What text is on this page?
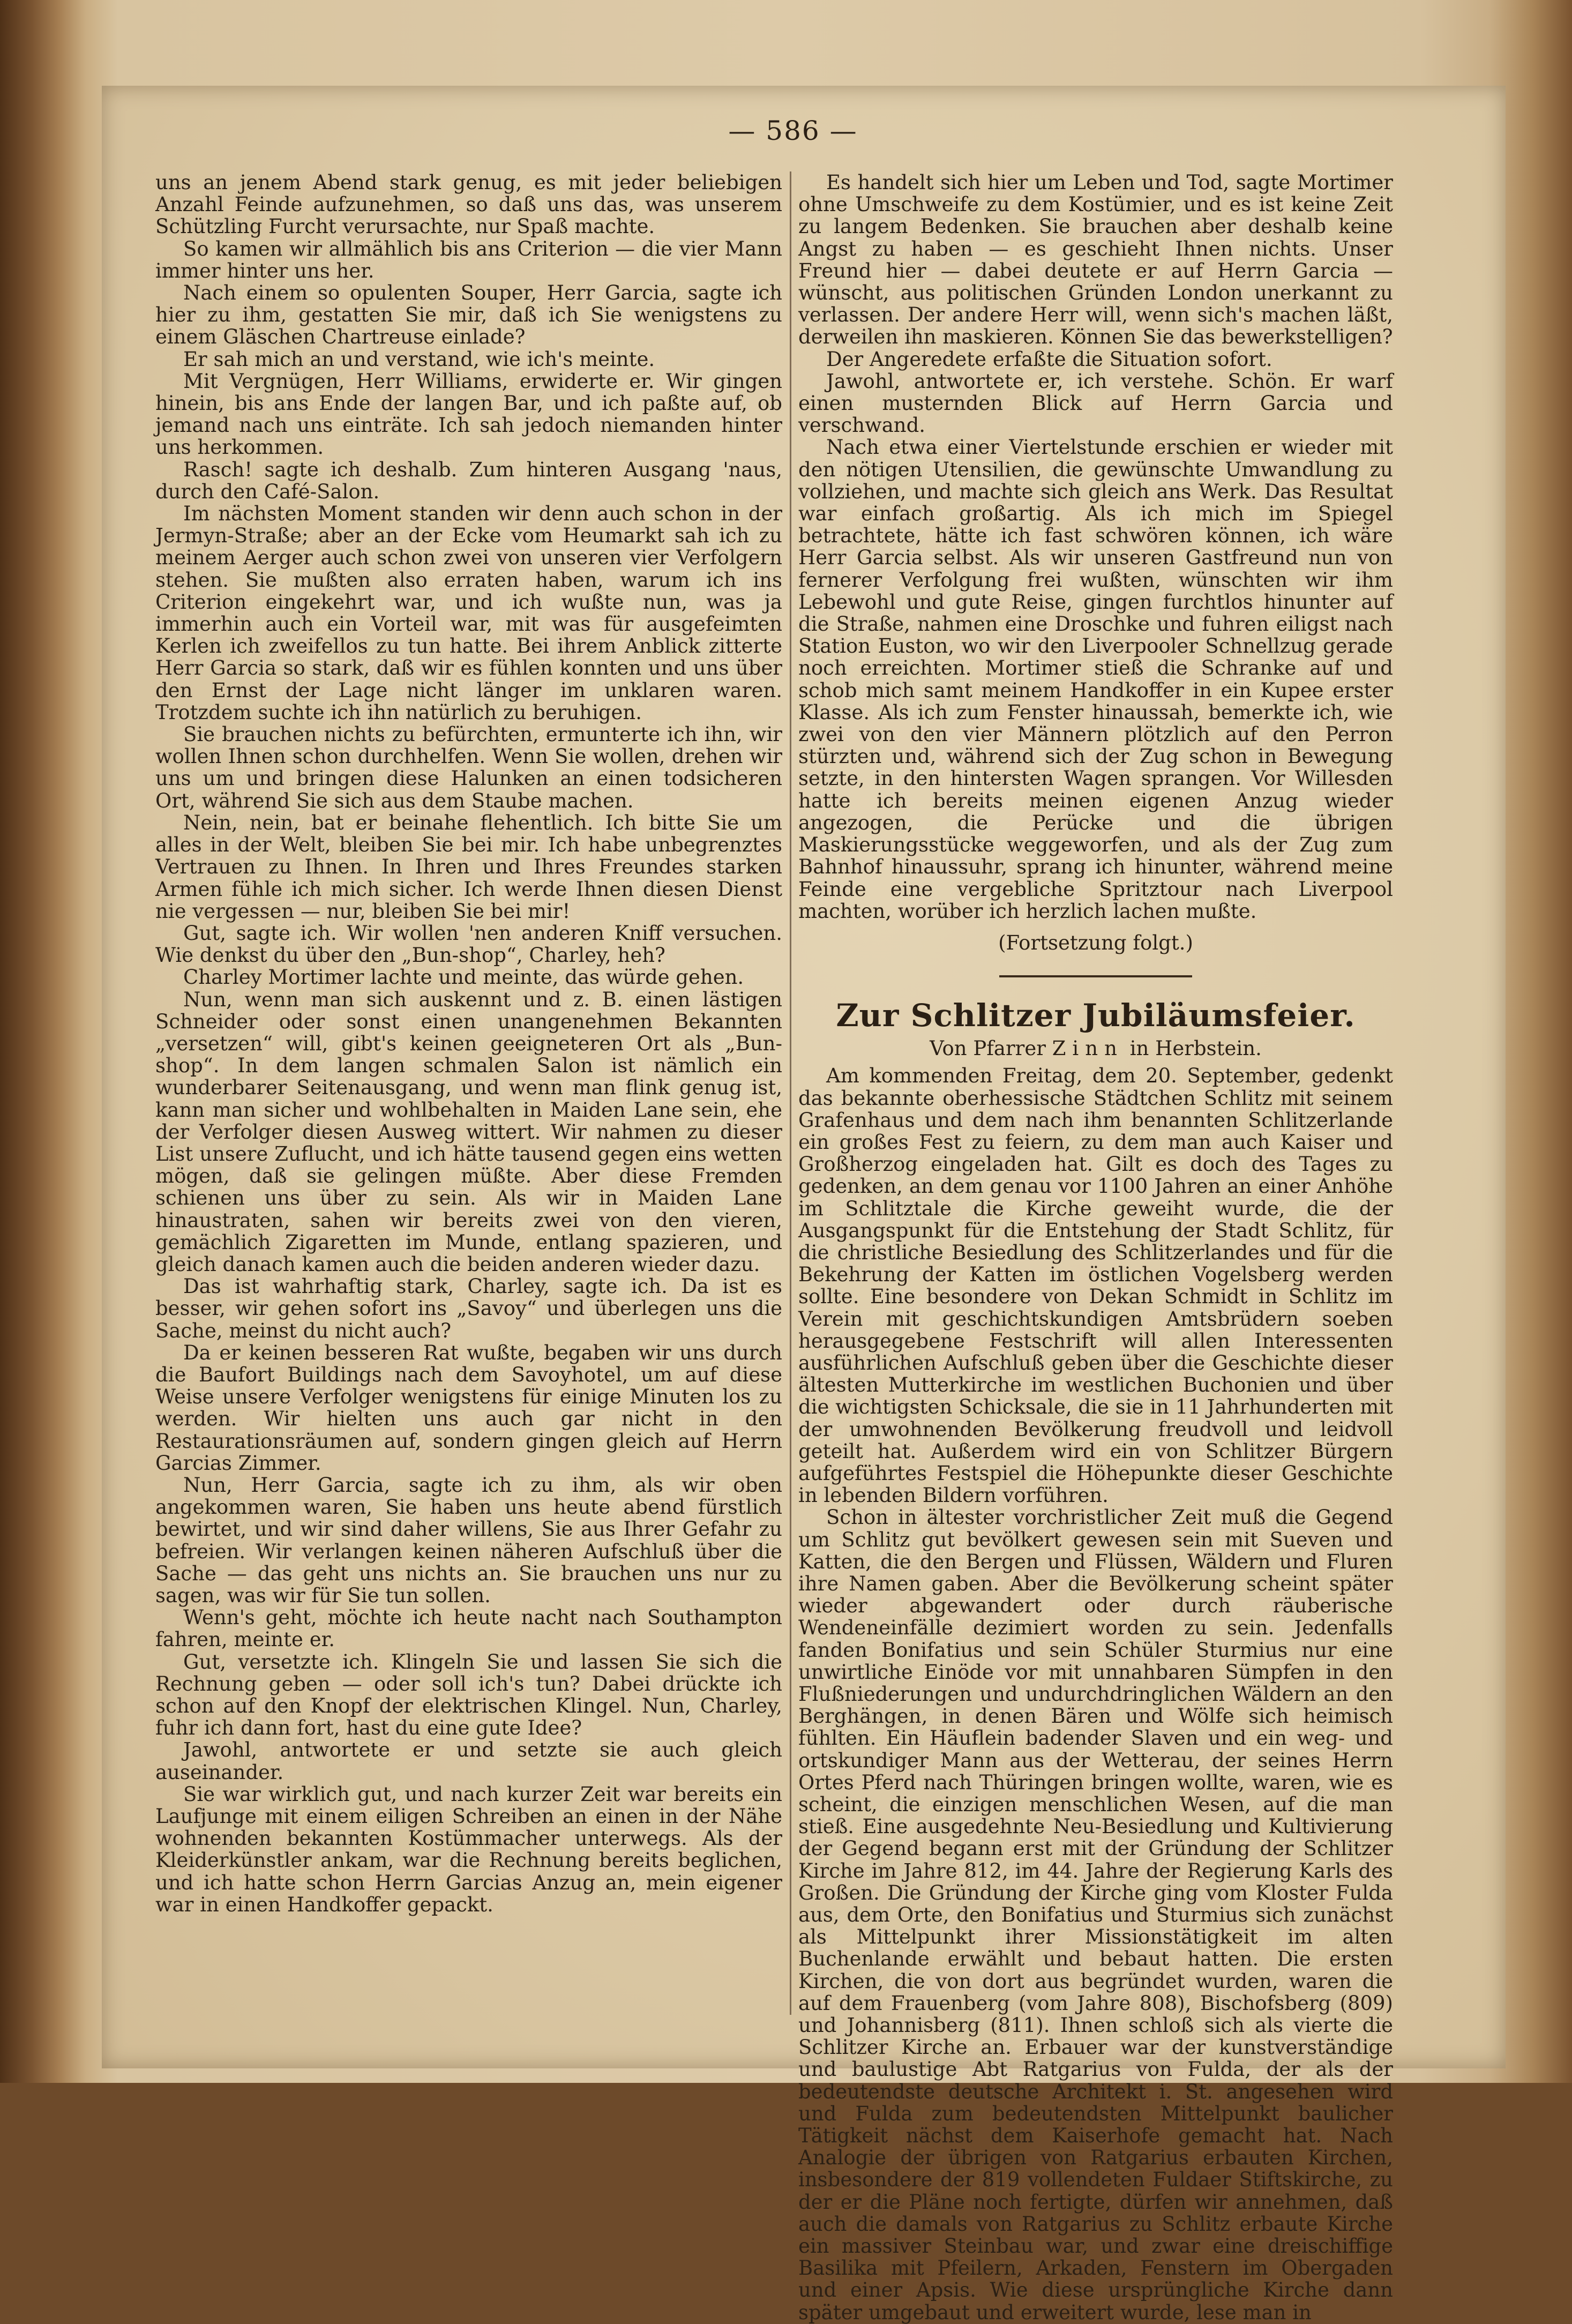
— 586 —

uns an jenem Abend stark genug, es mit jeder beliebigen Anzahl Feinde aufzunehmen, so daß uns das, was unserem Schützling Furcht verursachte, nur Spaß machte.

So kamen wir allmählich bis ans Criterion — die vier Mann immer hinter uns her.

Nach einem so opulenten Souper, Herr Garcia, sagte ich hier zu ihm, gestatten Sie mir, daß ich Sie wenigstens zu einem Gläschen Chartreuse einlade?

Er sah mich an und verstand, wie ich's meinte.

Mit Vergnügen, Herr Williams, erwiderte er. Wir gingen hinein, bis ans Ende der langen Bar, und ich paßte auf, ob jemand nach uns einträte. Ich sah jedoch niemanden hinter uns herkommen.

Rasch! sagte ich deshalb. Zum hinteren Ausgang 'naus, durch den Café-Salon.

Im nächsten Moment standen wir denn auch schon in der Jermyn-Straße; aber an der Ecke vom Heumarkt sah ich zu meinem Aerger auch schon zwei von unseren vier Verfolgern stehen. Sie mußten also erraten haben, warum ich ins Criterion eingekehrt war, und ich wußte nun, was ja immerhin auch ein Vorteil war, mit was für ausgefeimten Kerlen ich zweifellos zu tun hatte. Bei ihrem Anblick zitterte Herr Garcia so stark, daß wir es fühlen konnten und uns über den Ernst der Lage nicht länger im unklaren waren. Trotzdem suchte ich ihn natürlich zu beruhigen.

Sie brauchen nichts zu befürchten, ermunterte ich ihn, wir wollen Ihnen schon durchhelfen. Wenn Sie wollen, drehen wir uns um und bringen diese Halunken an einen todsicheren Ort, während Sie sich aus dem Staube machen.

Nein, nein, bat er beinahe flehentlich. Ich bitte Sie um alles in der Welt, bleiben Sie bei mir. Ich habe unbegrenztes Vertrauen zu Ihnen. In Ihren und Ihres Freundes starken Armen fühle ich mich sicher. Ich werde Ihnen diesen Dienst nie vergessen — nur, bleiben Sie bei mir!

Gut, sagte ich. Wir wollen 'nen anderen Kniff versuchen. Wie denkst du über den „Bun-shop“, Charley, heh?

Charley Mortimer lachte und meinte, das würde gehen.

Nun, wenn man sich auskennt und z. B. einen lästigen Schneider oder sonst einen unangenehmen Bekannten „versetzen“ will, gibt's keinen geeigneteren Ort als „Bun-shop“. In dem langen schmalen Salon ist nämlich ein wunderbarer Seitenausgang, und wenn man flink genug ist, kann man sicher und wohlbehalten in Maiden Lane sein, ehe der Verfolger diesen Ausweg wittert. Wir nahmen zu dieser List unsere Zuflucht, und ich hätte tausend gegen eins wetten mögen, daß sie gelingen müßte. Aber diese Fremden schienen uns über zu sein. Als wir in Maiden Lane hinaustraten, sahen wir bereits zwei von den vieren, gemächlich Zigaretten im Munde, entlang spazieren, und gleich danach kamen auch die beiden anderen wieder dazu.

Das ist wahrhaftig stark, Charley, sagte ich. Da ist es besser, wir gehen sofort ins „Savoy“ und überlegen uns die Sache, meinst du nicht auch?

Da er keinen besseren Rat wußte, begaben wir uns durch die Baufort Buildings nach dem Savoyhotel, um auf diese Weise unsere Verfolger wenigstens für einige Minuten los zu werden. Wir hielten uns auch gar nicht in den Restaurationsräumen auf, sondern gingen gleich auf Herrn Garcias Zimmer.

Nun, Herr Garcia, sagte ich zu ihm, als wir oben angekommen waren, Sie haben uns heute abend fürstlich bewirtet, und wir sind daher willens, Sie aus Ihrer Gefahr zu befreien. Wir verlangen keinen näheren Aufschluß über die Sache — das geht uns nichts an. Sie brauchen uns nur zu sagen, was wir für Sie tun sollen.

Wenn's geht, möchte ich heute nacht nach Southampton fahren, meinte er.

Gut, versetzte ich. Klingeln Sie und lassen Sie sich die Rechnung geben — oder soll ich's tun? Dabei drückte ich schon auf den Knopf der elektrischen Klingel. Nun, Charley, fuhr ich dann fort, hast du eine gute Idee?

Jawohl, antwortete er und setzte sie auch gleich auseinander.

Sie war wirklich gut, und nach kurzer Zeit war bereits ein Laufjunge mit einem eiligen Schreiben an einen in der Nähe wohnenden bekannten Kostümmacher unterwegs. Als der Kleiderkünstler ankam, war die Rechnung bereits beglichen, und ich hatte schon Herrn Garcias Anzug an, mein eigener war in einen Handkoffer gepackt.

Es handelt sich hier um Leben und Tod, sagte Mortimer ohne Umschweife zu dem Kostümier, und es ist keine Zeit zu langem Bedenken. Sie brauchen aber deshalb keine Angst zu haben — es geschieht Ihnen nichts. Unser Freund hier — dabei deutete er auf Herrn Garcia — wünscht, aus politischen Gründen London unerkannt zu verlassen. Der andere Herr will, wenn sich's machen läßt, derweilen ihn maskieren. Können Sie das bewerkstelligen?

Der Angeredete erfaßte die Situation sofort.

Jawohl, antwortete er, ich verstehe. Schön. Er warf einen musternden Blick auf Herrn Garcia und verschwand.

Nach etwa einer Viertelstunde erschien er wieder mit den nötigen Utensilien, die gewünschte Umwandlung zu vollziehen, und machte sich gleich ans Werk. Das Resultat war einfach großartig. Als ich mich im Spiegel betrachtete, hätte ich fast schwören können, ich wäre Herr Garcia selbst. Als wir unseren Gastfreund nun von fernerer Verfolgung frei wußten, wünschten wir ihm Lebewohl und gute Reise, gingen furchtlos hinunter auf die Straße, nahmen eine Droschke und fuhren eiligst nach Station Euston, wo wir den Liverpooler Schnellzug gerade noch erreichten. Mortimer stieß die Schranke auf und schob mich samt meinem Handkoffer in ein Kupee erster Klasse. Als ich zum Fenster hinaussah, bemerkte ich, wie zwei von den vier Männern plötzlich auf den Perron stürzten und, während sich der Zug schon in Bewegung setzte, in den hintersten Wagen sprangen. Vor Willesden hatte ich bereits meinen eigenen Anzug wieder angezogen, die Perücke und die übrigen Maskierungsstücke weggeworfen, und als der Zug zum Bahnhof hinaussuhr, sprang ich hinunter, während meine Feinde eine vergebliche Spritztour nach Liverpool machten, worüber ich herzlich lachen mußte.

(Fortsetzung folgt.)

Zur Schlitzer Jubiläumsfeier.

Von Pfarrer Zinn in Herbstein.

Am kommenden Freitag, dem 20. September, gedenkt das bekannte oberhessische Städtchen Schlitz mit seinem Grafenhaus und dem nach ihm benannten Schlitzerlande ein großes Fest zu feiern, zu dem man auch Kaiser und Großherzog eingeladen hat. Gilt es doch des Tages zu gedenken, an dem genau vor 1100 Jahren an einer Anhöhe im Schlitztale die Kirche geweiht wurde, die der Ausgangspunkt für die Entstehung der Stadt Schlitz, für die christliche Besiedlung des Schlitzerlandes und für die Bekehrung der Katten im östlichen Vogelsberg werden sollte. Eine besondere von Dekan Schmidt in Schlitz im Verein mit geschichtskundigen Amtsbrüdern soeben herausgegebene Festschrift will allen Interessenten ausführlichen Aufschluß geben über die Geschichte dieser ältesten Mutterkirche im westlichen Buchonien und über die wichtigsten Schicksale, die sie in 11 Jahrhunderten mit der umwohnenden Bevölkerung freudvoll und leidvoll geteilt hat. Außerdem wird ein von Schlitzer Bürgern aufgeführtes Festspiel die Höhepunkte dieser Geschichte in lebenden Bildern vorführen.

Schon in ältester vorchristlicher Zeit muß die Gegend um Schlitz gut bevölkert gewesen sein mit Sueven und Katten, die den Bergen und Flüssen, Wäldern und Fluren ihre Namen gaben. Aber die Bevölkerung scheint später wieder abgewandert oder durch räuberische Wendeneinfälle dezimiert worden zu sein. Jedenfalls fanden Bonifatius und sein Schüler Sturmius nur eine unwirtliche Einöde vor mit unnahbaren Sümpfen in den Flußniederungen und undurchdringlichen Wäldern an den Berghängen, in denen Bären und Wölfe sich heimisch fühlten. Ein Häuflein badender Slaven und ein weg- und ortskundiger Mann aus der Wetterau, der seines Herrn Ortes Pferd nach Thüringen bringen wollte, waren, wie es scheint, die einzigen menschlichen Wesen, auf die man stieß. Eine ausgedehnte Neu-Besiedlung und Kultivierung der Gegend begann erst mit der Gründung der Schlitzer Kirche im Jahre 812, im 44. Jahre der Regierung Karls des Großen. Die Gründung der Kirche ging vom Kloster Fulda aus, dem Orte, den Bonifatius und Sturmius sich zunächst als Mittelpunkt ihrer Missionstätigkeit im alten Buchenlande erwählt und bebaut hatten. Die ersten Kirchen, die von dort aus begründet wurden, waren die auf dem Frauenberg (vom Jahre 808), Bischofsberg (809) und Johannisberg (811). Ihnen schloß sich als vierte die Schlitzer Kirche an. Erbauer war der kunstverständige und baulustige Abt Ratgarius von Fulda, der als der bedeutendste deutsche Architekt i. St. angesehen wird und Fulda zum bedeutendsten Mittelpunkt baulicher Tätigkeit nächst dem Kaiserhofe gemacht hat. Nach Analogie der übrigen von Ratgarius erbauten Kirchen, insbesondere der 819 vollendeten Fuldaer Stiftskirche, zu der er die Pläne noch fertigte, dürfen wir annehmen, daß auch die damals von Ratgarius zu Schlitz erbaute Kirche ein massiver Steinbau war, und zwar eine dreischiffige Basilika mit Pfeilern, Arkaden, Fenstern im Obergaden und einer Apsis. Wie diese ursprüngliche Kirche dann später umgebaut und erweitert wurde, lese man in
